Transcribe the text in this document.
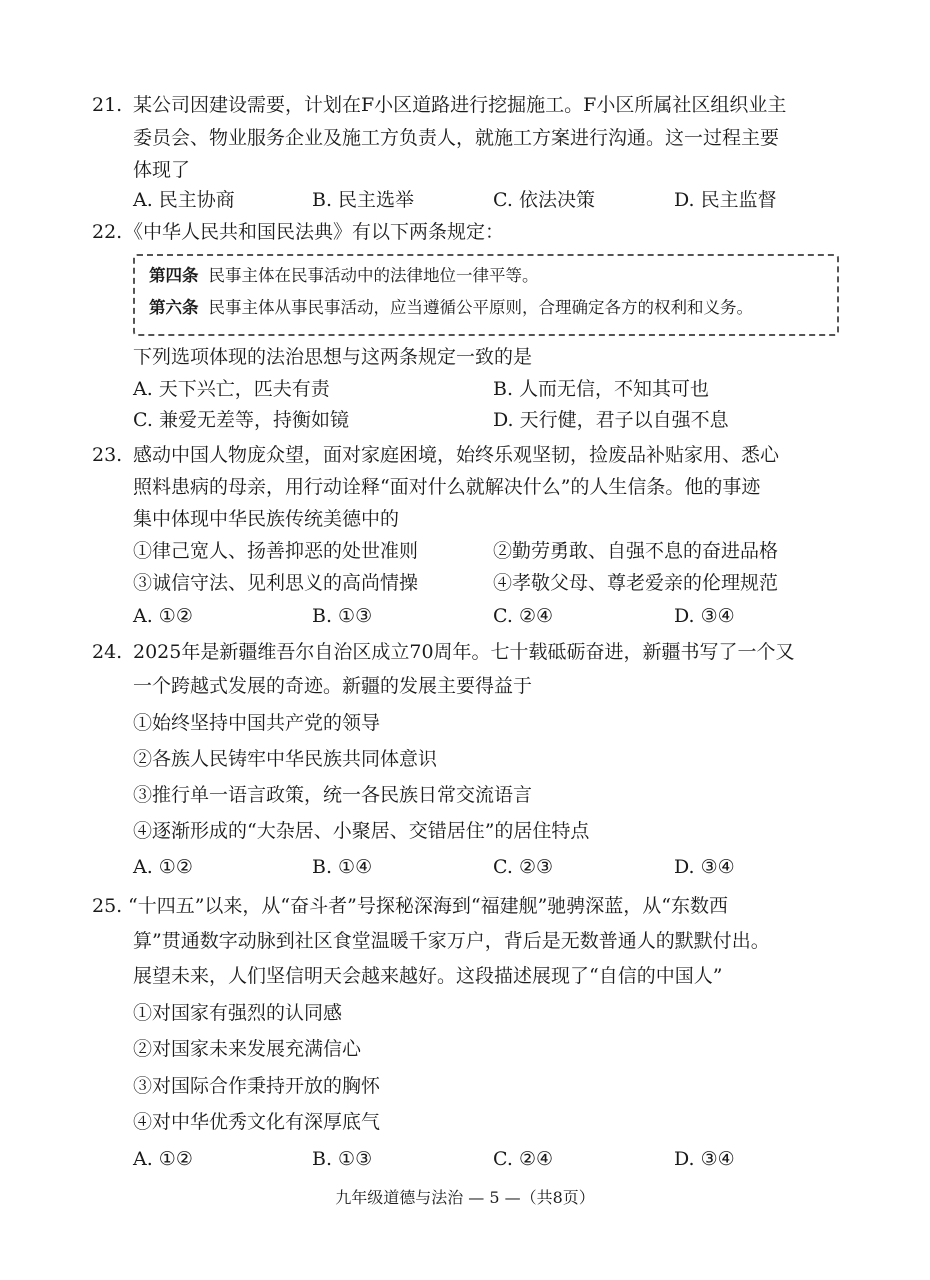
21. 某公司因建设需要，计划在F小区道路进行挖掘施工。F小区所属社区组织业主
委员会、物业服务企业及施工方负责人，就施工方案进行沟通。这一过程主要
体现了
A. 民主协商	B. 民主选举	C. 依法决策	D. 民主监督
22. 《中华人民共和国民法典》有以下两条规定：
第四条 民事主体在民事活动中的法律地位一律平等。
第六条 民事主体从事民事活动，应当遵循公平原则，合理确定各方的权利和义务。
下列选项体现的法治思想与这两条规定一致的是
A. 天下兴亡，匹夫有责	B. 人而无信，不知其可也
C. 兼爱无差等，持衡如镜	D. 天行健，君子以自强不息
23. 感动中国人物庞众望，面对家庭困境，始终乐观坚韧，捡废品补贴家用、悉心
照料患病的母亲，用行动诠释“面对什么就解决什么”的人生信条。他的事迹
集中体现中华民族传统美德中的
①律己宽人、扬善抑恶的处世准则	②勤劳勇敢、自强不息的奋进品格
③诚信守法、见利思义的高尚情操	④孝敬父母、尊老爱亲的伦理规范
A. ①②	B. ①③	C. ②④	D. ③④
24. 2025年是新疆维吾尔自治区成立70周年。七十载砥砺奋进，新疆书写了一个又
一个跨越式发展的奇迹。新疆的发展主要得益于
①始终坚持中国共产党的领导
②各族人民铸牢中华民族共同体意识
③推行单一语言政策，统一各民族日常交流语言
④逐渐形成的“大杂居、小聚居、交错居住”的居住特点
A. ①②	B. ①④	C. ②③	D. ③④
25. “十四五”以来，从“奋斗者”号探秘深海到“福建舰”驰骋深蓝，从“东数西
算”贯通数字动脉到社区食堂温暖千家万户，背后是无数普通人的默默付出。
展望未来，人们坚信明天会越来越好。这段描述展现了“自信的中国人”
①对国家有强烈的认同感
②对国家未来发展充满信心
③对国际合作秉持开放的胸怀
④对中华优秀文化有深厚底气
A. ①②	B. ①③	C. ②④	D. ③④
九年级道德与法治 — 5 —（共8页）
